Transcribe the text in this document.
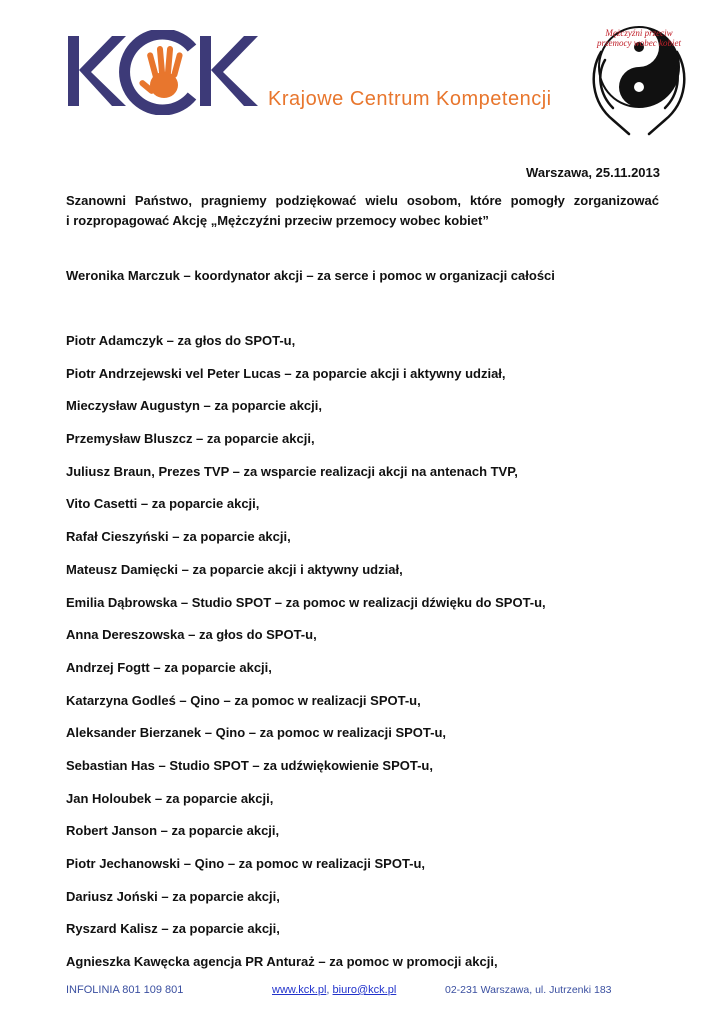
Krajowe Centrum Kompetencji
Mężczyźni przeciw
przemocy wobec kobiet
Warszawa, 25.11.2013
Szanowni Państwo, pragniemy podziękować wielu osobom, które pomogły zorganizować
i rozpropagować Akcję „Mężczyźni przeciw przemocy wobec kobiet”
Weronika Marczuk – koordynator akcji – za serce i pomoc w organizacji całości
Piotr Adamczyk – za głos do SPOT-u,
Piotr Andrzejewski vel Peter Lucas – za poparcie akcji i aktywny udział,
Mieczysław Augustyn – za poparcie akcji,
Przemysław Bluszcz – za poparcie akcji,
Juliusz Braun, Prezes TVP – za wsparcie realizacji akcji na antenach TVP,
Vito Casetti – za poparcie akcji,
Rafał Cieszyński – za poparcie akcji,
Mateusz Damięcki – za poparcie akcji i aktywny udział,
Emilia Dąbrowska – Studio SPOT – za pomoc w realizacji dźwięku do SPOT-u,
Anna Dereszowska – za głos do SPOT-u,
Andrzej Fogtt – za poparcie akcji,
Katarzyna Godleś – Qino – za pomoc w realizacji SPOT-u,
Aleksander Bierzanek – Qino – za pomoc w realizacji SPOT-u,
Sebastian Has – Studio SPOT – za udźwiękowienie SPOT-u,
Jan Holoubek – za poparcie akcji,
Robert Janson – za poparcie akcji,
Piotr Jechanowski – Qino – za pomoc w realizacji SPOT-u,
Dariusz Joński – za poparcie akcji,
Ryszard Kalisz – za poparcie akcji,
Agnieszka Kawęcka agencja PR Anturaż – za pomoc w promocji akcji,
INFOLINIA 801 109 801	www.kck.pl, biuro@kck.pl	02-231 Warszawa, ul. Jutrzenki 183
